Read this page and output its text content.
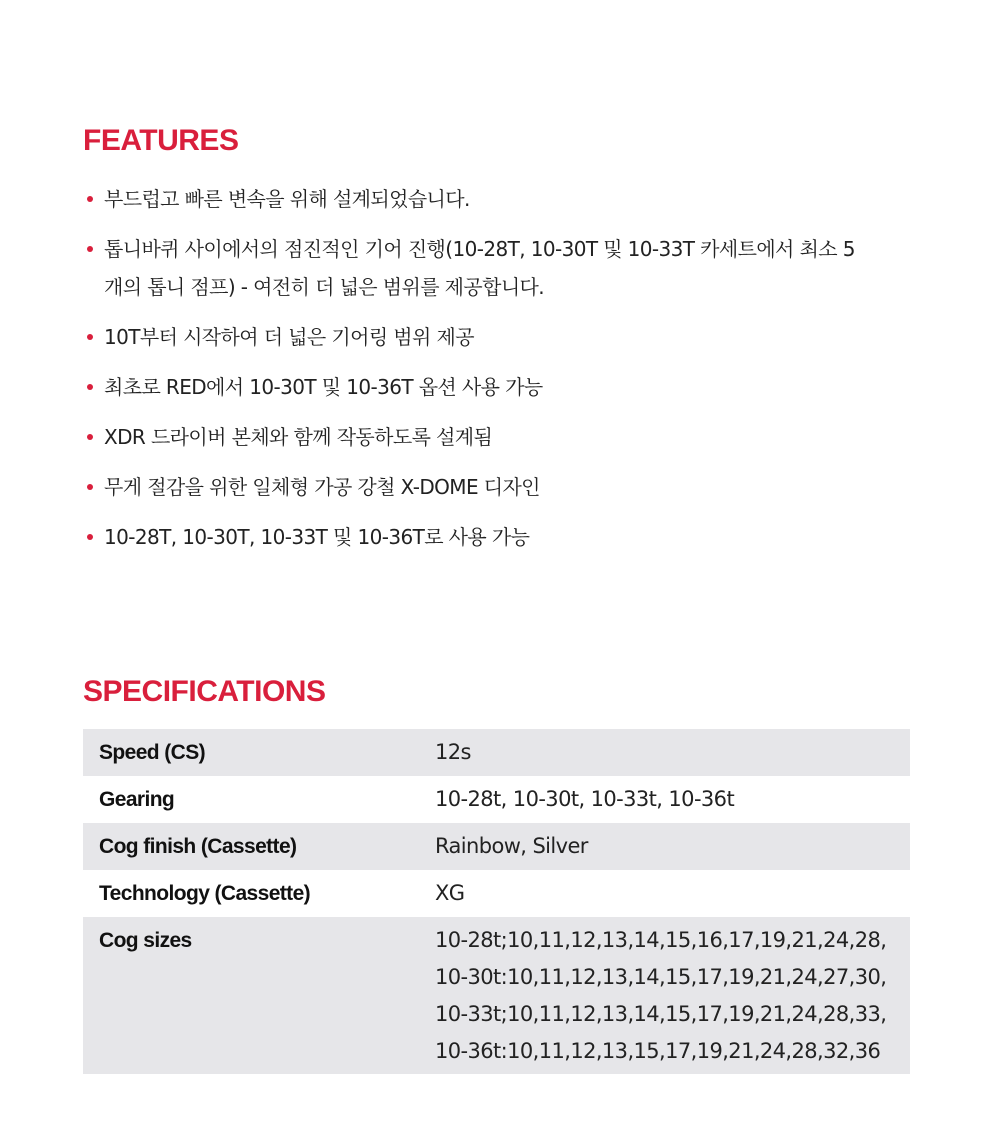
FEATURES
부드럽고 빠른 변속을 위해 설계되었습니다.
톱니바퀴 사이에서의 점진적인 기어 진행(10-28T, 10-30T 및 10-33T 카세트에서 최소 5개의 톱니 점프) - 여전히 더 넓은 범위를 제공합니다.
10T부터 시작하여 더 넓은 기어링 범위 제공
최초로 RED에서 10-30T 및 10-36T 옵션 사용 가능
XDR 드라이버 본체와 함께 작동하도록 설계됨
무게 절감을 위한 일체형 가공 강철 X-DOME 디자인
10-28T, 10-30T, 10-33T 및 10-36T로 사용 가능
SPECIFICATIONS
Speed (CS)	12s
Gearing	10-28t, 10-30t, 10-33t, 10-36t
Cog finish (Cassette)	Rainbow, Silver
Technology (Cassette)	XG
Cog sizes	10-28t;10,11,12,13,14,15,16,17,19,21,24,28,
10-30t:10,11,12,13,14,15,17,19,21,24,27,30,
10-33t;10,11,12,13,14,15,17,19,21,24,28,33,
10-36t:10,11,12,13,15,17,19,21,24,28,32,36
